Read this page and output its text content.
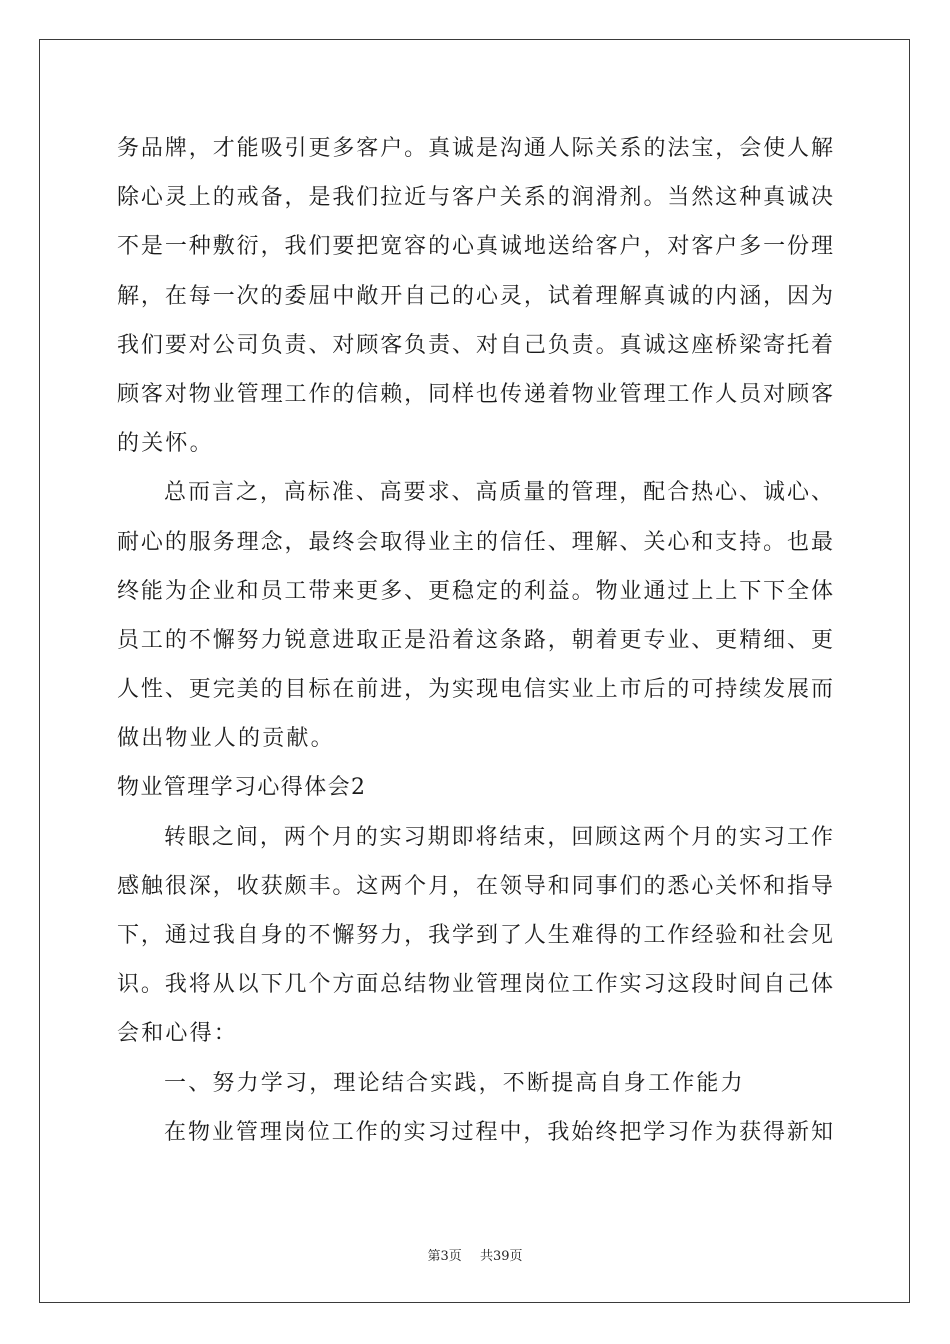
务品牌，才能吸引更多客户。真诚是沟通人际关系的法宝，会使人解
除心灵上的戒备，是我们拉近与客户关系的润滑剂。当然这种真诚决
不是一种敷衍，我们要把宽容的心真诚地送给客户，对客户多一份理
解，在每一次的委屈中敞开自己的心灵，试着理解真诚的内涵，因为
我们要对公司负责、对顾客负责、对自己负责。真诚这座桥梁寄托着
顾客对物业管理工作的信赖，同样也传递着物业管理工作人员对顾客
的关怀。
总而言之，高标准、高要求、高质量的管理，配合热心、诚心、
耐心的服务理念，最终会取得业主的信任、理解、关心和支持。也最
终能为企业和员工带来更多、更稳定的利益。物业通过上上下下全体
员工的不懈努力锐意进取正是沿着这条路，朝着更专业、更精细、更
人性、更完美的目标在前进，为实现电信实业上市后的可持续发展而
做出物业人的贡献。
物业管理学习心得体会2
转眼之间，两个月的实习期即将结束，回顾这两个月的实习工作
感触很深，收获颇丰。这两个月，在领导和同事们的悉心关怀和指导
下，通过我自身的不懈努力，我学到了人生难得的工作经验和社会见
识。我将从以下几个方面总结物业管理岗位工作实习这段时间自己体
会和心得：
一、努力学习，理论结合实践，不断提高自身工作能力
在物业管理岗位工作的实习过程中，我始终把学习作为获得新知
第3页 共39页
